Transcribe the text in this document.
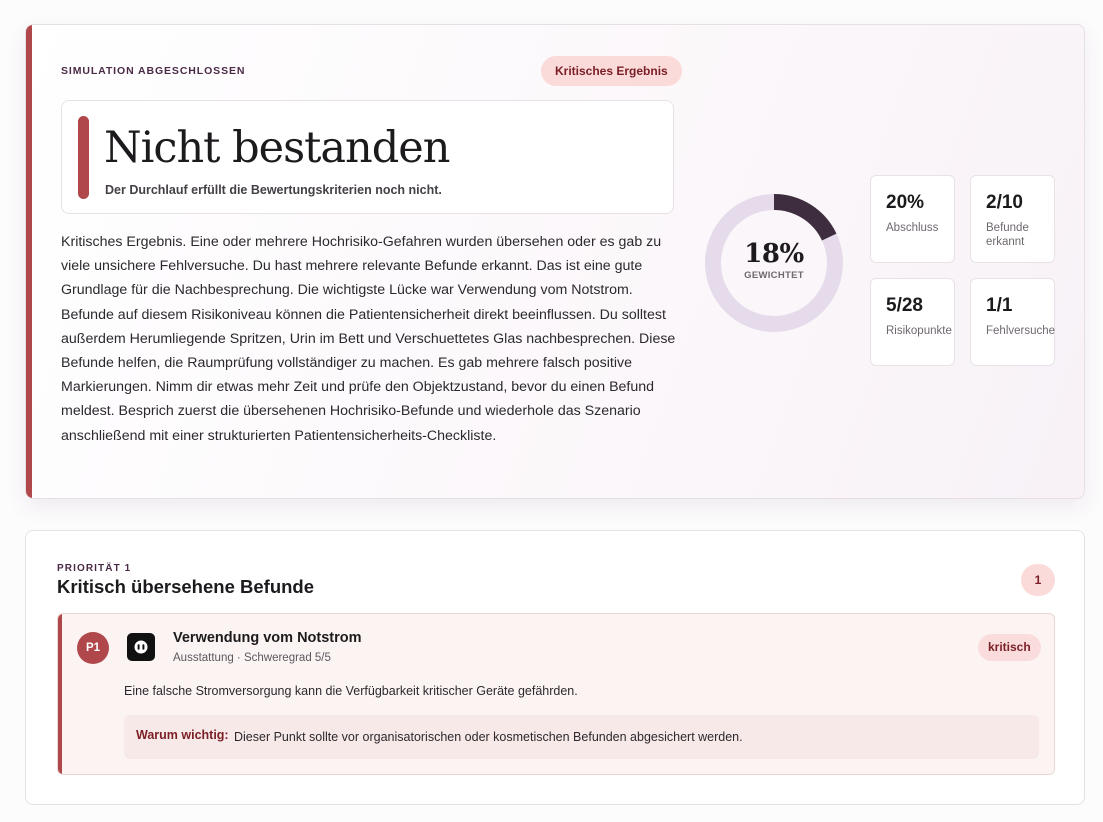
SIMULATION ABGESCHLOSSEN	Kritisches Ergebnis
Nicht bestanden
Der Durchlauf erfüllt die Bewertungskriterien noch nicht.

Kritisches Ergebnis. Eine oder mehrere Hochrisiko-Gefahren wurden übersehen oder es gab zu viele unsichere Fehlversuche. Du hast mehrere relevante Befunde erkannt. Das ist eine gute Grundlage für die Nachbesprechung. Die wichtigste Lücke war Verwendung vom Notstrom. Befunde auf diesem Risikoniveau können die Patientensicherheit direkt beeinflussen. Du solltest außerdem Herumliegende Spritzen, Urin im Bett und Verschuettetes Glas nachbesprechen. Diese Befunde helfen, die Raumprüfung vollständiger zu machen. Es gab mehrere falsch positive Markierungen. Nimm dir etwas mehr Zeit und prüfe den Objektzustand, bevor du einen Befund meldest. Besprich zuerst die übersehenen Hochrisiko-Befunde und wiederhole das Szenario anschließend mit einer strukturierten Patientensicherheits-Checkliste.

18%
GEWICHTET
20%
Abschluss
2/10
Befunde erkannt
5/28
Risikopunkte
1/1
Fehlversuche
PRIORITÄT 1
Kritisch übersehene Befunde	1
P1
Verwendung vom Notstrom
Ausstattung · Schweregrad 5/5
kritisch
Eine falsche Stromversorgung kann die Verfügbarkeit kritischer Geräte gefährden.
Warum wichtig: Dieser Punkt sollte vor organisatorischen oder kosmetischen Befunden abgesichert werden.
